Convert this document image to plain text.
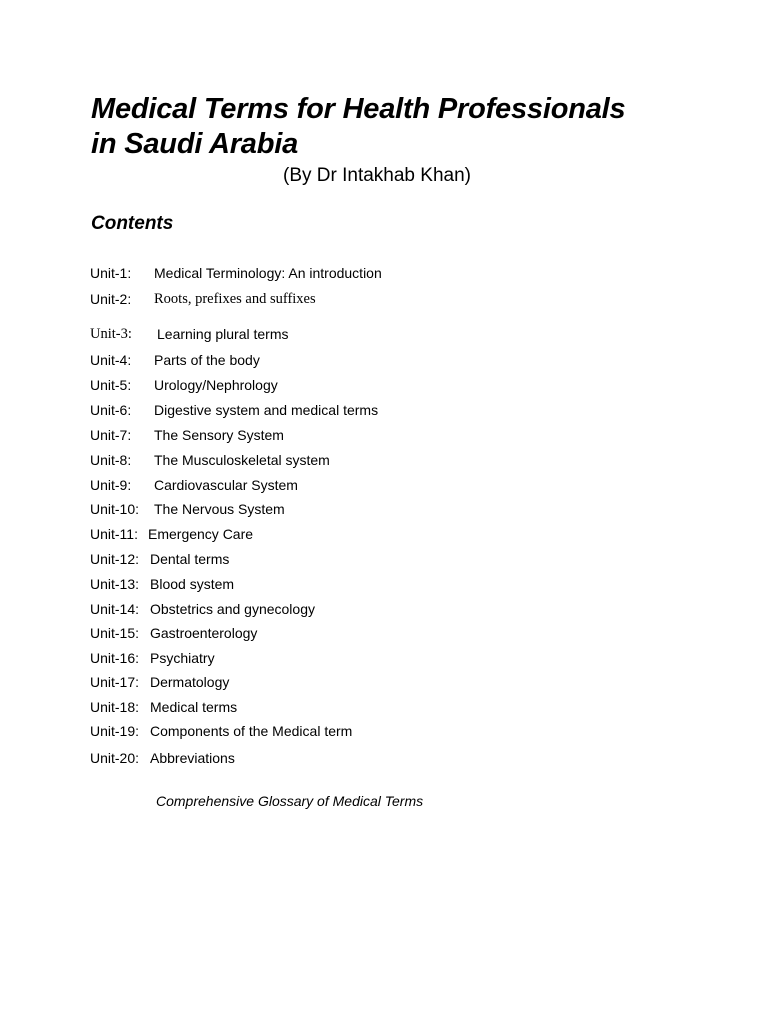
Medical Terms for Health Professionals
in Saudi Arabia
(By Dr Intakhab Khan)
Contents
Unit-1: Medical Terminology: An introduction
Unit-2: Roots, prefixes and suffixes
Unit-3: Learning plural terms
Unit-4: Parts of the body
Unit-5: Urology/Nephrology
Unit-6: Digestive system and medical terms
Unit-7: The Sensory System
Unit-8: The Musculoskeletal system
Unit-9: Cardiovascular System
Unit-10: The Nervous System
Unit-11: Emergency Care
Unit-12: Dental terms
Unit-13: Blood system
Unit-14: Obstetrics and gynecology
Unit-15: Gastroenterology
Unit-16: Psychiatry
Unit-17: Dermatology
Unit-18: Medical terms
Unit-19: Components of the Medical term
Unit-20: Abbreviations
Comprehensive Glossary of Medical Terms
